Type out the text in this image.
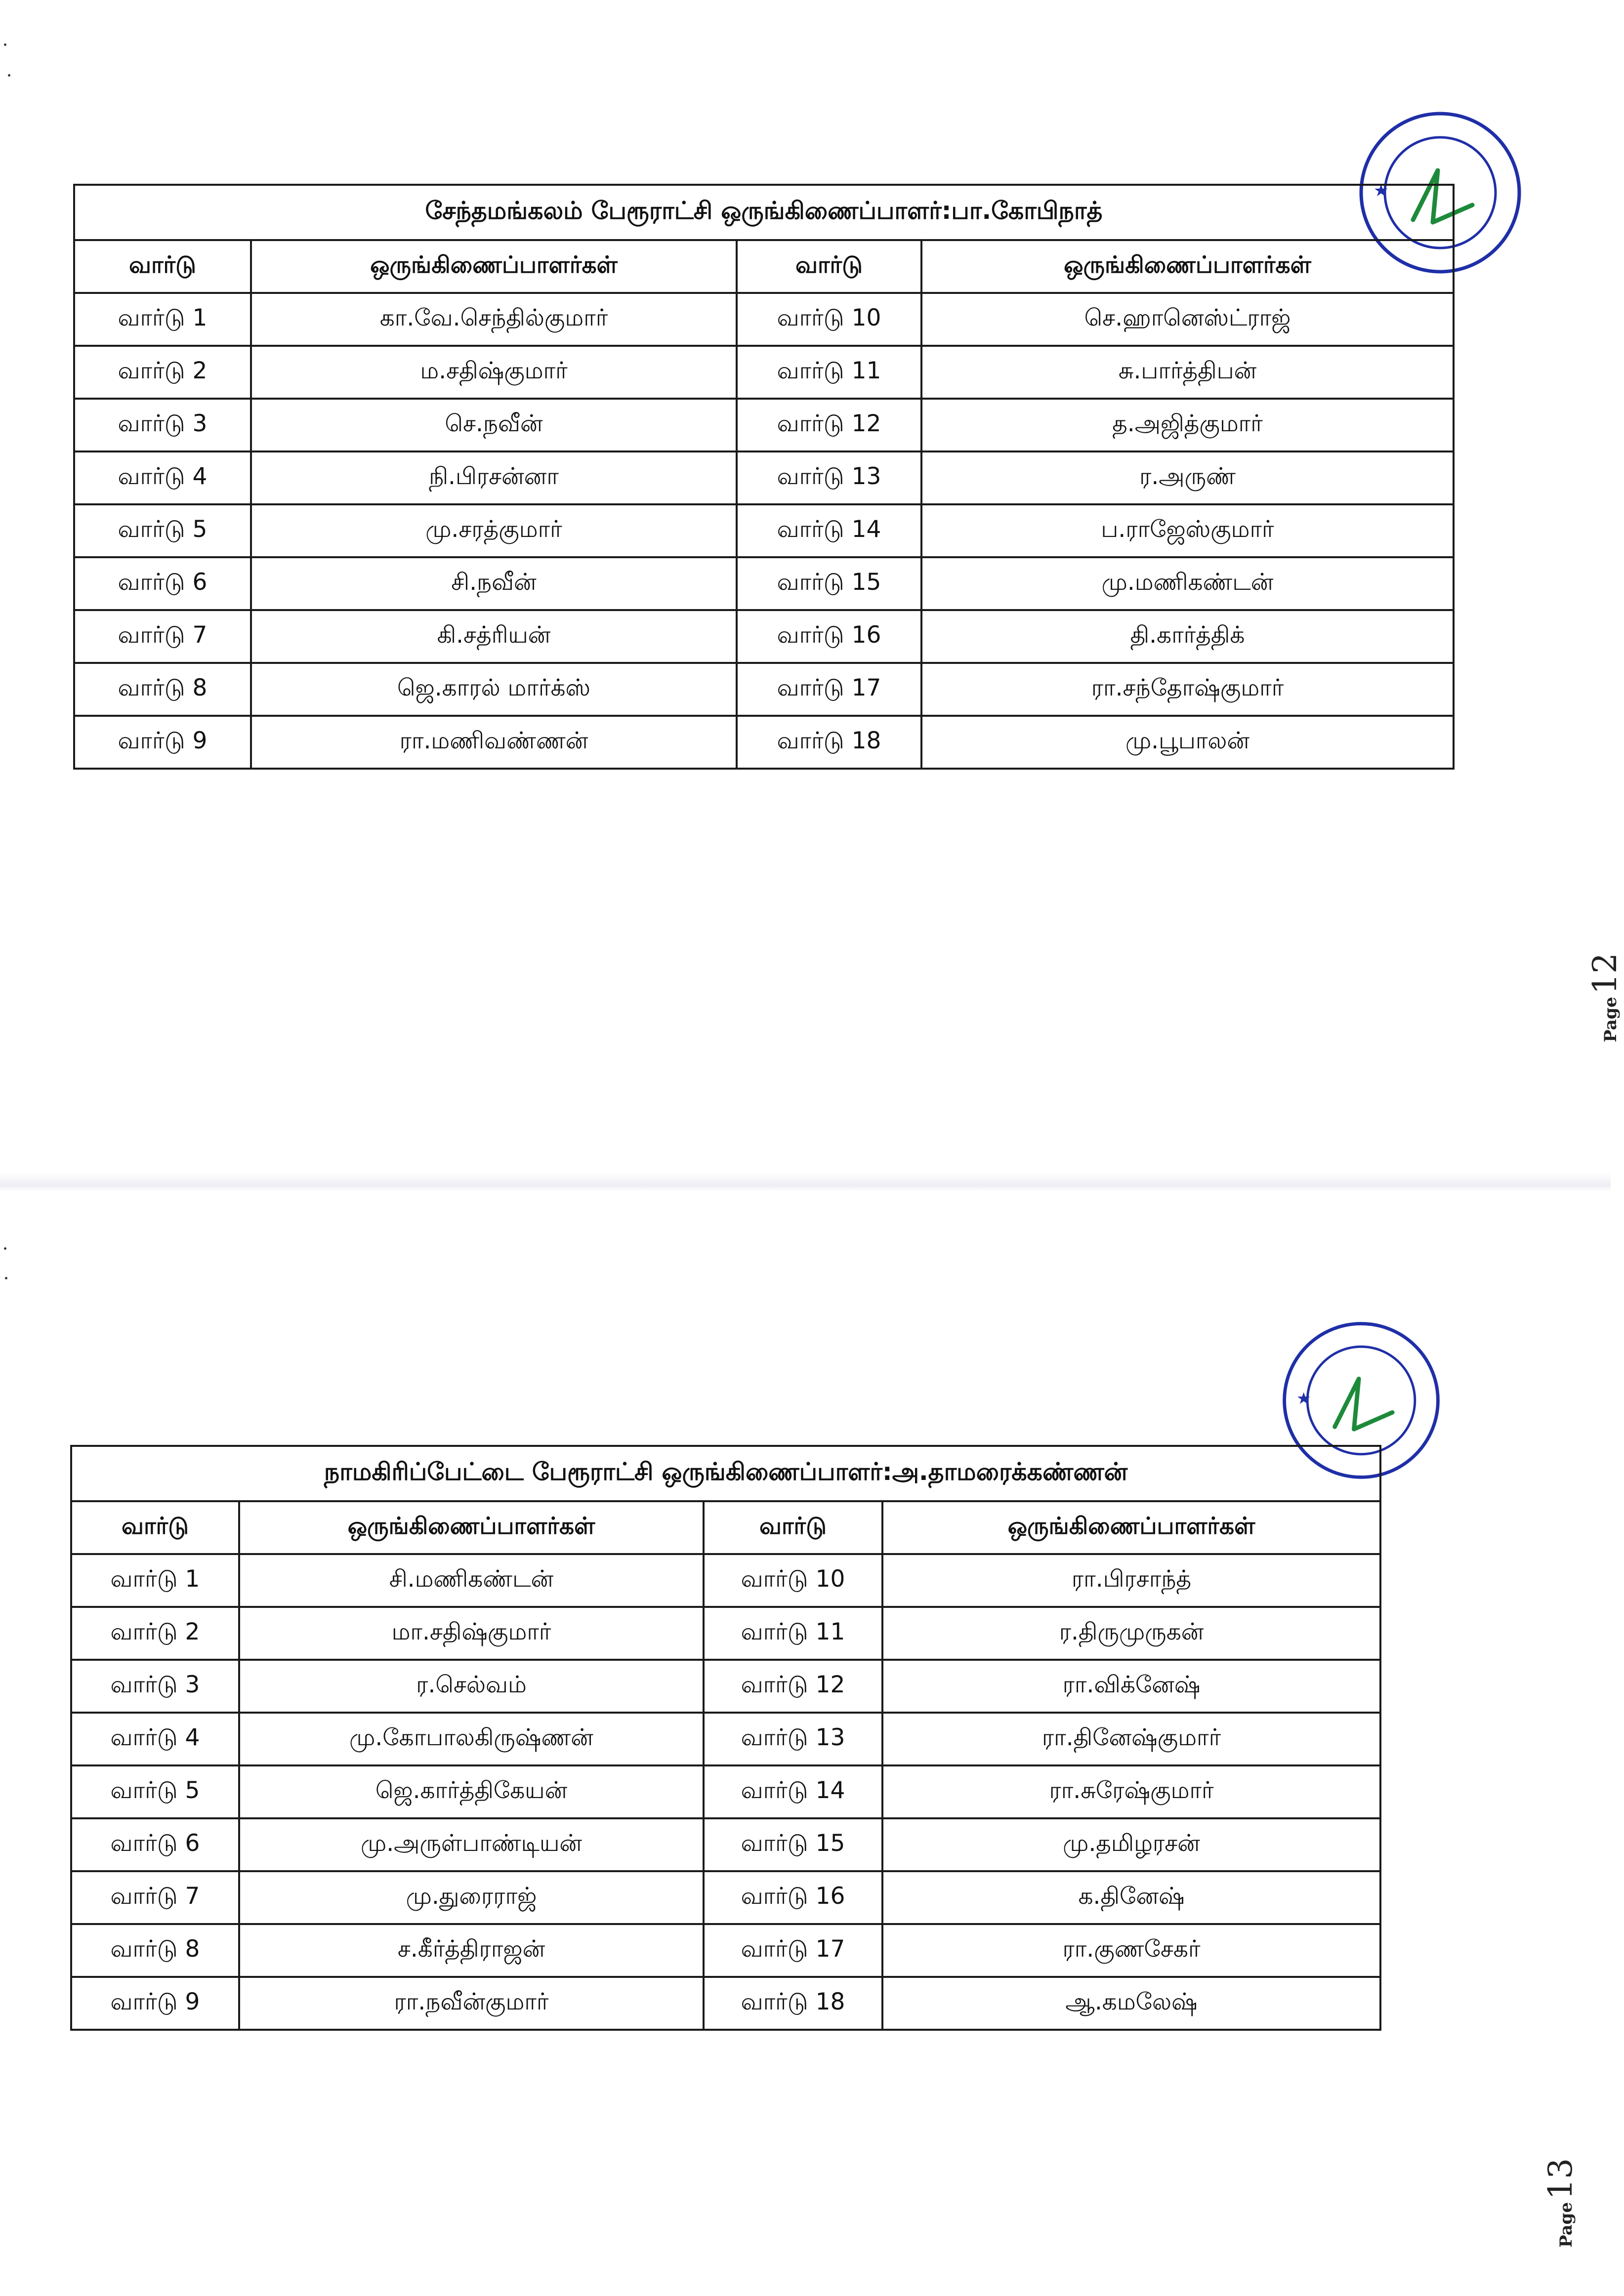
★
சேந்தமங்கலம் பேரூராட்சி ஒருங்கிணைப்பாளர்:பா.கோபிநாத்			
வார்டு	ஒருங்கிணைப்பாளர்கள்	வார்டு	ஒருங்கிணைப்பாளர்கள்
வார்டு 1	கா.வே.செந்தில்குமார்	வார்டு 10	செ.ஹானெஸ்ட்ராஜ்
வார்டு 2	ம.சதிஷ்குமார்	வார்டு 11	சு.பார்த்திபன்
வார்டு 3	செ.நவீன்	வார்டு 12	த.அஜித்குமார்
வார்டு 4	நி.பிரசன்னா	வார்டு 13	ர.அருண்
வார்டு 5	மு.சரத்குமார்	வார்டு 14	ப.ராஜேஸ்குமார்
வார்டு 6	சி.நவீன்	வார்டு 15	மு.மணிகண்டன்
வார்டு 7	கி.சத்ரியன்	வார்டு 16	தி.கார்த்திக்
வார்டு 8	ஜெ.காரல் மார்க்ஸ்	வார்டு 17	ரா.சந்தோஷ்குமார்
வார்டு 9	ரா.மணிவண்ணன்	வார்டு 18	மு.பூபாலன்
Page 12
★
நாமகிரிப்பேட்டை பேரூராட்சி ஒருங்கிணைப்பாளர்:அ.தாமரைக்கண்ணன்			
வார்டு	ஒருங்கிணைப்பாளர்கள்	வார்டு	ஒருங்கிணைப்பாளர்கள்
வார்டு 1	சி.மணிகண்டன்	வார்டு 10	ரா.பிரசாந்த்
வார்டு 2	மா.சதிஷ்குமார்	வார்டு 11	ர.திருமுருகன்
வார்டு 3	ர.செல்வம்	வார்டு 12	ரா.விக்னேஷ்
வார்டு 4	மு.கோபாலகிருஷ்ணன்	வார்டு 13	ரா.தினேஷ்குமார்
வார்டு 5	ஜெ.கார்த்திகேயன்	வார்டு 14	ரா.சுரேஷ்குமார்
வார்டு 6	மு.அருள்பாண்டியன்	வார்டு 15	மு.தமிழரசன்
வார்டு 7	மு.துரைராஜ்	வார்டு 16	க.தினேஷ்
வார்டு 8	ச.கீர்த்திராஜன்	வார்டு 17	ரா.குணசேகர்
வார்டு 9	ரா.நவீன்குமார்	வார்டு 18	ஆ.கமலேஷ்
Page 13
